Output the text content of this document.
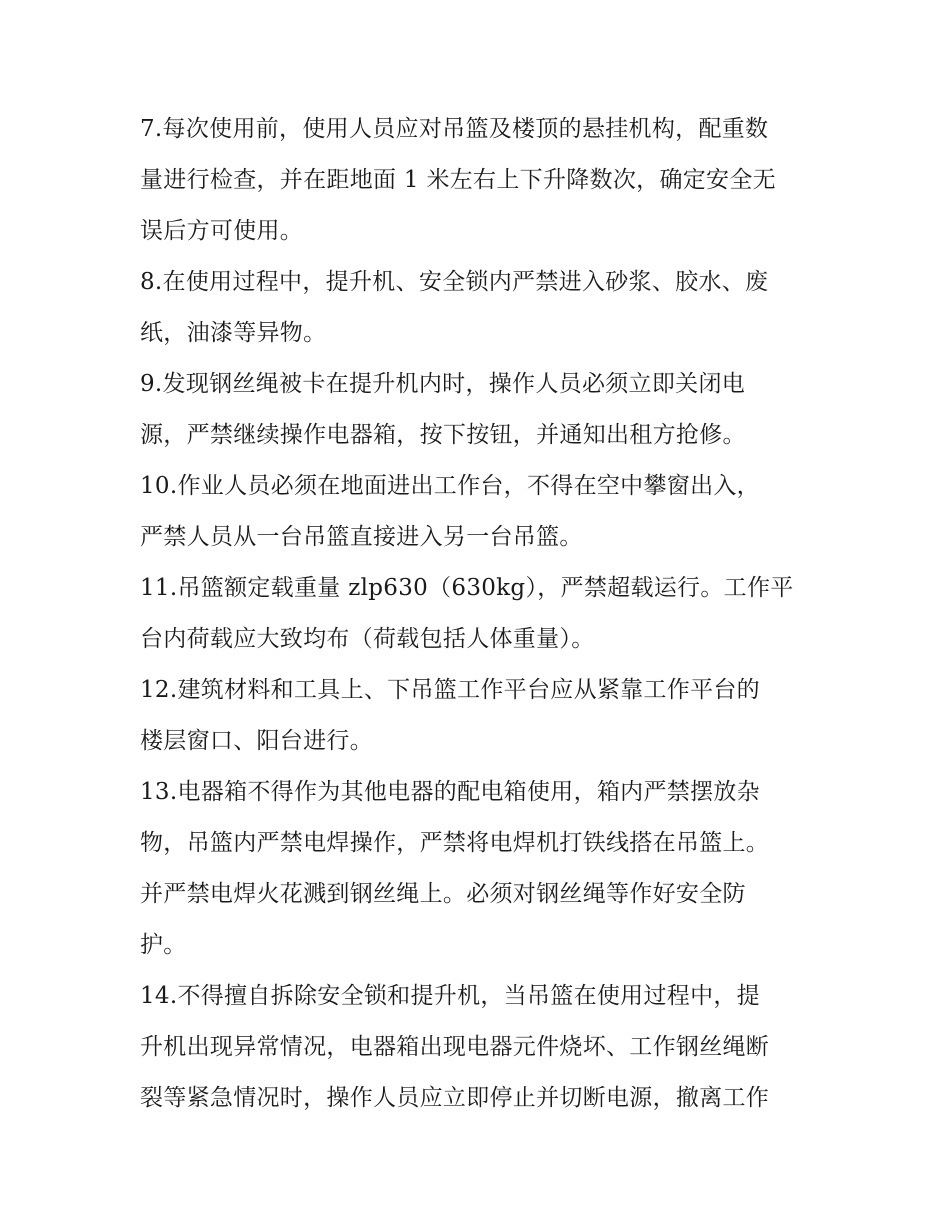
7.每次使用前，使用人员应对吊篮及楼顶的悬挂机构，配重数
量进行检查，并在距地面 1 米左右上下升降数次，确定安全无
误后方可使用。
8.在使用过程中，提升机、安全锁内严禁进入砂浆、胶水、废
纸，油漆等异物。
9.发现钢丝绳被卡在提升机内时，操作人员必须立即关闭电
源，严禁继续操作电器箱，按下按钮，并通知出租方抢修。
10.作业人员必须在地面进出工作台，不得在空中攀窗出入，
严禁人员从一台吊篮直接进入另一台吊篮。
11.吊篮额定载重量 zlp630（630kg），严禁超载运行。工作平
台内荷载应大致均布（荷载包括人体重量）。
12.建筑材料和工具上、下吊篮工作平台应从紧靠工作平台的
楼层窗口、阳台进行。
13.电器箱不得作为其他电器的配电箱使用，箱内严禁摆放杂
物，吊篮内严禁电焊操作，严禁将电焊机打铁线搭在吊篮上。
并严禁电焊火花溅到钢丝绳上。必须对钢丝绳等作好安全防
护。
14.不得擅自拆除安全锁和提升机，当吊篮在使用过程中，提
升机出现异常情况，电器箱出现电器元件烧坏、工作钢丝绳断
裂等紧急情况时，操作人员应立即停止并切断电源，撤离工作
